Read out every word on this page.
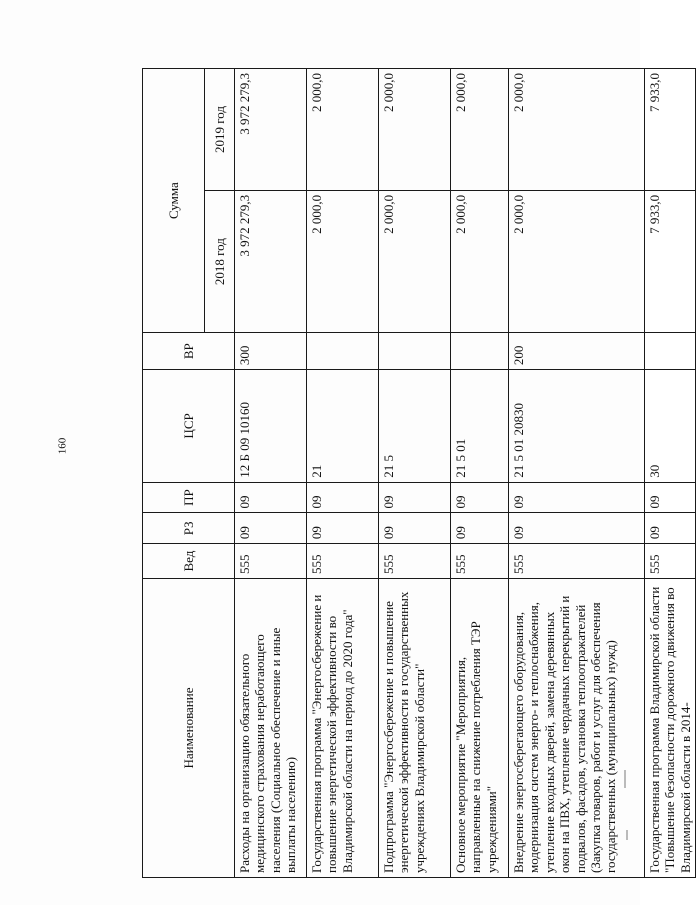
160
Наименование	Вед	РЗ	ПР	ЦСР	ВР	Сумма	
						2018 год	2019 год
Расходы на организацию обязательного медицинского страхования неработающего населения (Социальное обеспечение и иные выплаты населению)	555	09	09	12 Б 09 10160	300	3 972 279,3	3 972 279,3
Государственная программа "Энергосбережение и повышение энергетической эффективности во Владимирской области на период до 2020 года"	555	09	09	21		2 000,0	2 000,0
Подпрограмма "Энергосбережение и повышение энергетической эффективности в государственных учреждениях Владимирской области"	555	09	09	21 5		2 000,0	2 000,0
Основное мероприятие "Мероприятия, направленные на снижение потребления ТЭР учреждениями"	555	09	09	21 5 01		2 000,0	2 000,0
Внедрение энергосберегающего оборудования, модернизация систем энерго- и теплоснабжения, утепление входных дверей, замена деревянных окон на ПВХ, утепление чердачных перекрытий и подвалов, фасадов, установка теплоотражателей (Закупка товаров, работ и услуг для обеспечения государственных (муниципальных) нужд)	555	09	09	21 5 01 20830	200	2 000,0	2 000,0
Государственная программа Владимирской области "Повышение безопасности дорожного движения во Владимирской области в 2014-	555	09	09	30		7 933,0	7 933,0
